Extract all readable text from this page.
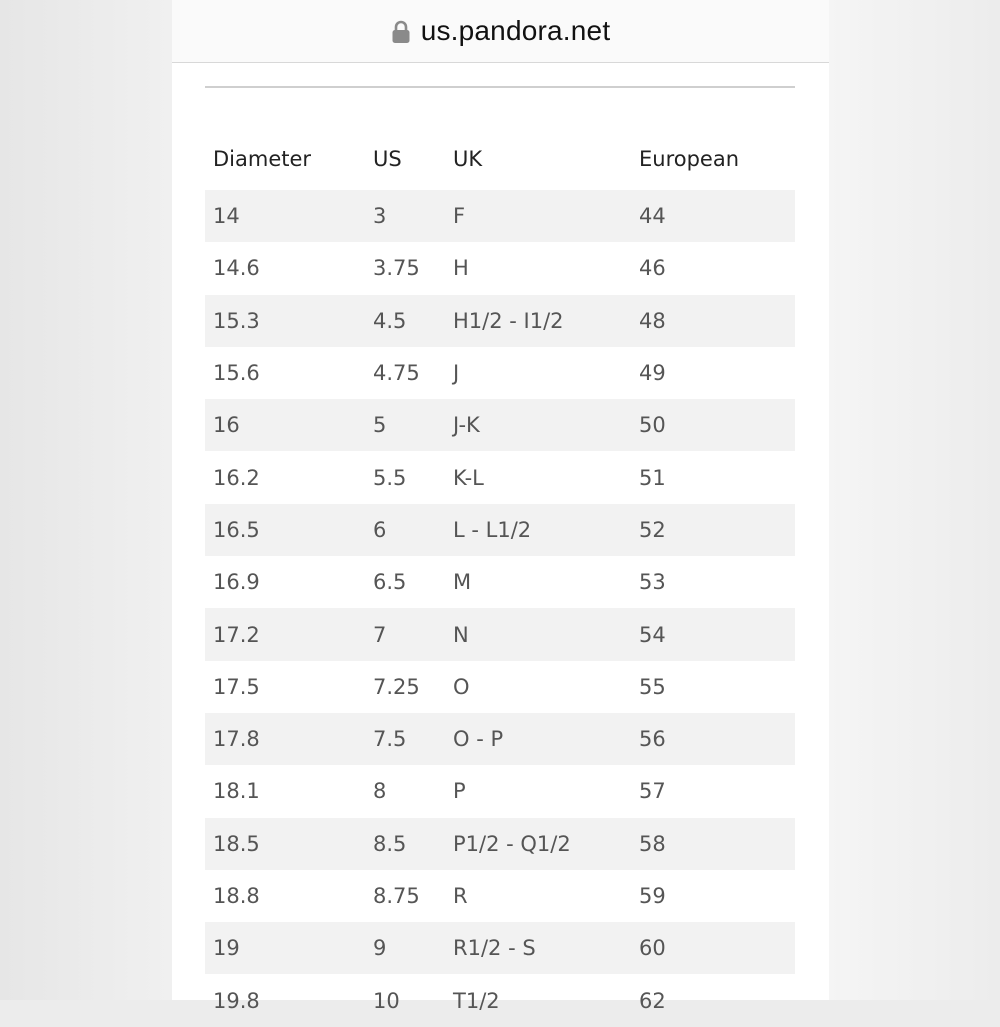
us.pandora.net
Diameter	US	UK	European
14	3	F	44
14.6	3.75	H	46
15.3	4.5	H1/2 - I1/2	48
15.6	4.75	J	49
16	5	J-K	50
16.2	5.5	K-L	51
16.5	6	L - L1/2	52
16.9	6.5	M	53
17.2	7	N	54
17.5	7.25	O	55
17.8	7.5	O - P	56
18.1	8	P	57
18.5	8.5	P1/2 - Q1/2	58
18.8	8.75	R	59
19	9	R1/2 - S	60
19.8	10	T1/2	62
